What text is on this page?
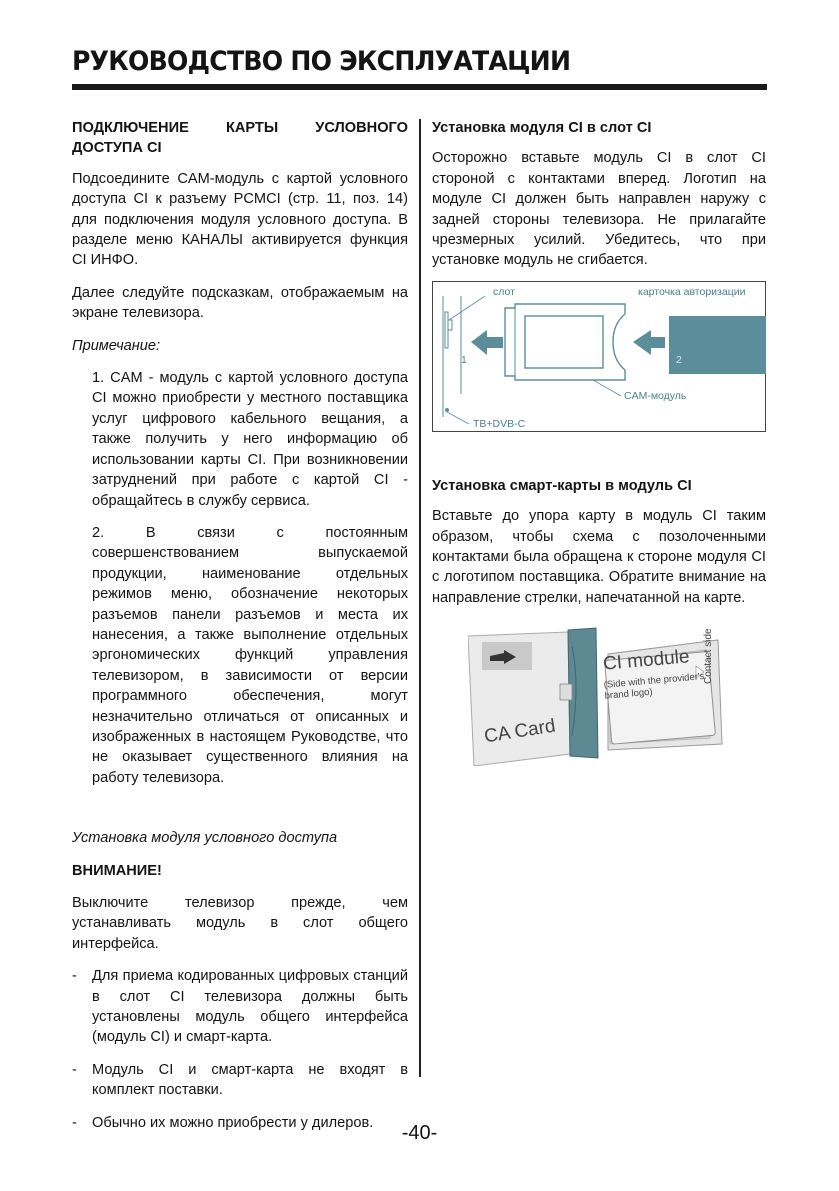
РУКОВОДСТВО ПО ЭКСПЛУАТАЦИИ
ПОДКЛЮЧЕНИЕ КАРТЫ УСЛОВНОГО ДОСТУПА CI

Подсоедините CAM-модуль с картой условного доступа CI к разъему PCMCI (стр. 11, поз. 14) для подключения модуля условного доступа. В разделе меню КАНАЛЫ активируется функция CI ИНФО.

Далее следуйте подсказкам, отображаемым на экране телевизора.

Примечание:

1. CAM - модуль с картой условного доступа CI можно приобрести у местного поставщика услуг цифрового кабельного вещания, а также получить у него информацию об использовании карты CI. При возникновении затруднений при работе с картой CI - обращайтесь в службу сервиса.

2. В связи с постоянным совершенствованием выпускаемой продукции, наименование отдельных режимов меню, обозначение некоторых разъемов панели разъемов и места их нанесения, а также выполнение отдельных эргономических функций управления телевизором, в зависимости от версии программного обеспечения, могут незначительно отличаться от описанных и изображенных в настоящем Руководстве, что не оказывает существенного влияния на работу телевизора.

Установка модуля условного доступа

ВНИМАНИЕ!

Выключите телевизор прежде, чем устанавливать модуль в слот общего интерфейса.

- Для приема кодированных цифровых станций в слот CI телевизора должны быть установлены модуль общего интерфейса (модуль CI) и смарт-карта.

- Модуль CI и смарт-карта не входят в комплект поставки.

- Обычно их можно приобрести у дилеров.

Установка модуля CI в слот CI

Осторожно вставьте модуль CI в слот CI стороной с контактами вперед. Логотип на модуле CI должен быть направлен наружу с задней стороны телевизора. Не прилагайте чрезмерных усилий. Убедитесь, что при установке модуль не сгибается.

слот	карточка авторизации
CAM-модуль
ТВ+DVB-C
1	2
Установка смарт-карты в модуль CI

Вставьте до упора карту в модуль CI таким образом, чтобы схема с позолоченными контактами была обращена к стороне модуля CI с логотипом поставщика. Обратите внимание на направление стрелки, напечатанной на карте.

CI module
(Side with the provider's brand logo)
Contact side
CA Card
-40-
